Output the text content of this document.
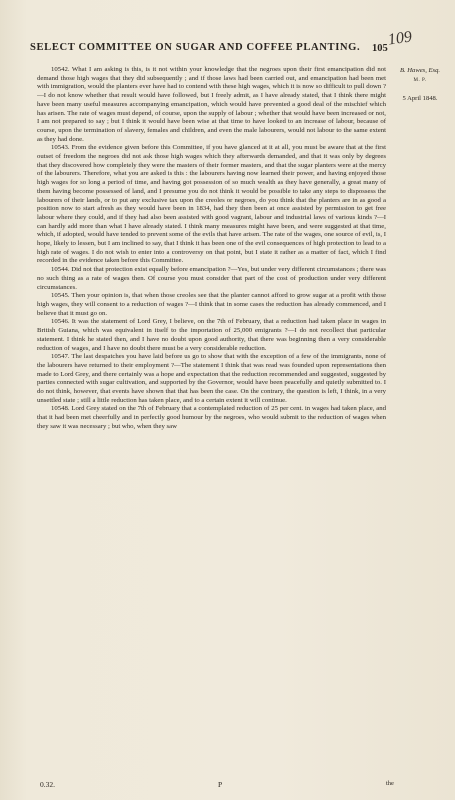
SELECT COMMITTEE ON SUGAR AND COFFEE PLANTING.	105 109
B. Hawes, Esq.
M. P.
5 April 1848.

10542. What I am asking is this, is it not within your knowledge that the negroes upon their first emancipation did not demand those high wages that they did subsequently ; and if those laws had been carried out, and emancipation had been met with immigration, would the planters ever have had to contend with these high wages, which it is now so difficult to pull down ?—I do not know whether that result would have followed, but I freely admit, as I have already stated, that I think there might have been many useful measures accompanying emancipation, which would have prevented a good deal of the mischief which has arisen. The rate of wages must depend, of course, upon the supply of labour ; whether that would have been increased or not, I am not prepared to say ; but I think it would have been wise at that time to have looked to an increase of labour, because of course, upon the termination of slavery, females and children, and even the male labourers, would not labour to the same extent as they had done.

10543. From the evidence given before this Committee, if you have glanced at it at all, you must be aware that at the first outset of freedom the negroes did not ask those high wages which they afterwards demanded, and that it was only by degrees that they discovered how completely they were the masters of their former masters, and that the sugar planters were at the mercy of the labourers. Therefore, what you are asked is this : the labourers having now learned their power, and having enjoyed those high wages for so long a period of time, and having got possession of so much wealth as they have generally, a great many of them having become possessed of land, and I presume you do not think it would be possible to take any steps to dispossess the labourers of their lands, or to put any exclusive tax upon the creoles or negroes, do you think that the planters are in as good a position now to start afresh as they would have been in 1834, had they then been at once assisted by permission to get free labour where they could, and if they had also been assisted with good vagrant, labour and industrial laws of various kinds ?—I can hardly add more than what I have already stated. I think many measures might have been, and were suggested at that time, which, if adopted, would have tended to prevent some of the evils that have arisen. The rate of the wages, one source of evil, is, I hope, likely to lessen, but I am inclined to say, that I think it has been one of the evil consequences of high protection to lead to a high rate of wages. I do not wish to enter into a controversy on that point, but I state it rather as a matter of fact, which I find recorded in the evidence taken before this Committee.

10544. Did not that protection exist equally before emancipation ?—Yes, but under very different circumstances ; there was no such thing as a rate of wages then. Of course you must consider that part of the cost of production under very different circumstances.

10545. Then your opinion is, that when those creoles see that the planter cannot afford to grow sugar at a profit with those high wages, they will consent to a reduction of wages ?—I think that in some cases the reduction has already commenced, and I believe that it must go on.

10546. It was the statement of Lord Grey, I believe, on the 7th of February, that a reduction had taken place in wages in British Guiana, which was equivalent in itself to the importation of 25,000 emigrants ?—I do not recollect that particular statement. I think he stated then, and I have no doubt upon good authority, that there was beginning then a very considerable reduction of wages, and I have no doubt there must be a very considerable reduction.

10547. The last despatches you have laid before us go to show that with the exception of a few of the immigrants, none of the labourers have returned to their employment ?—The statement I think that was read was founded upon representations then made to Lord Grey, and there certainly was a hope and expectation that the reduction recommended and suggested, suggested by parties connected with sugar cultivation, and supported by the Governor, would have been peacefully and quietly submitted to. I do not think, however, that events have shown that that has been the case. On the contrary, the question is left, I think, in a very unsettled state ; still a little reduction has taken place, and to a certain extent it will continue.

10548. Lord Grey stated on the 7th of February that a contemplated reduction of 25 per cent. in wages had taken place, and that it had been met cheerfully and in perfectly good humour by the negroes, who would submit to the reduction of wages when they saw it was necessary ; but who, when they saw

0.32.	P	the
